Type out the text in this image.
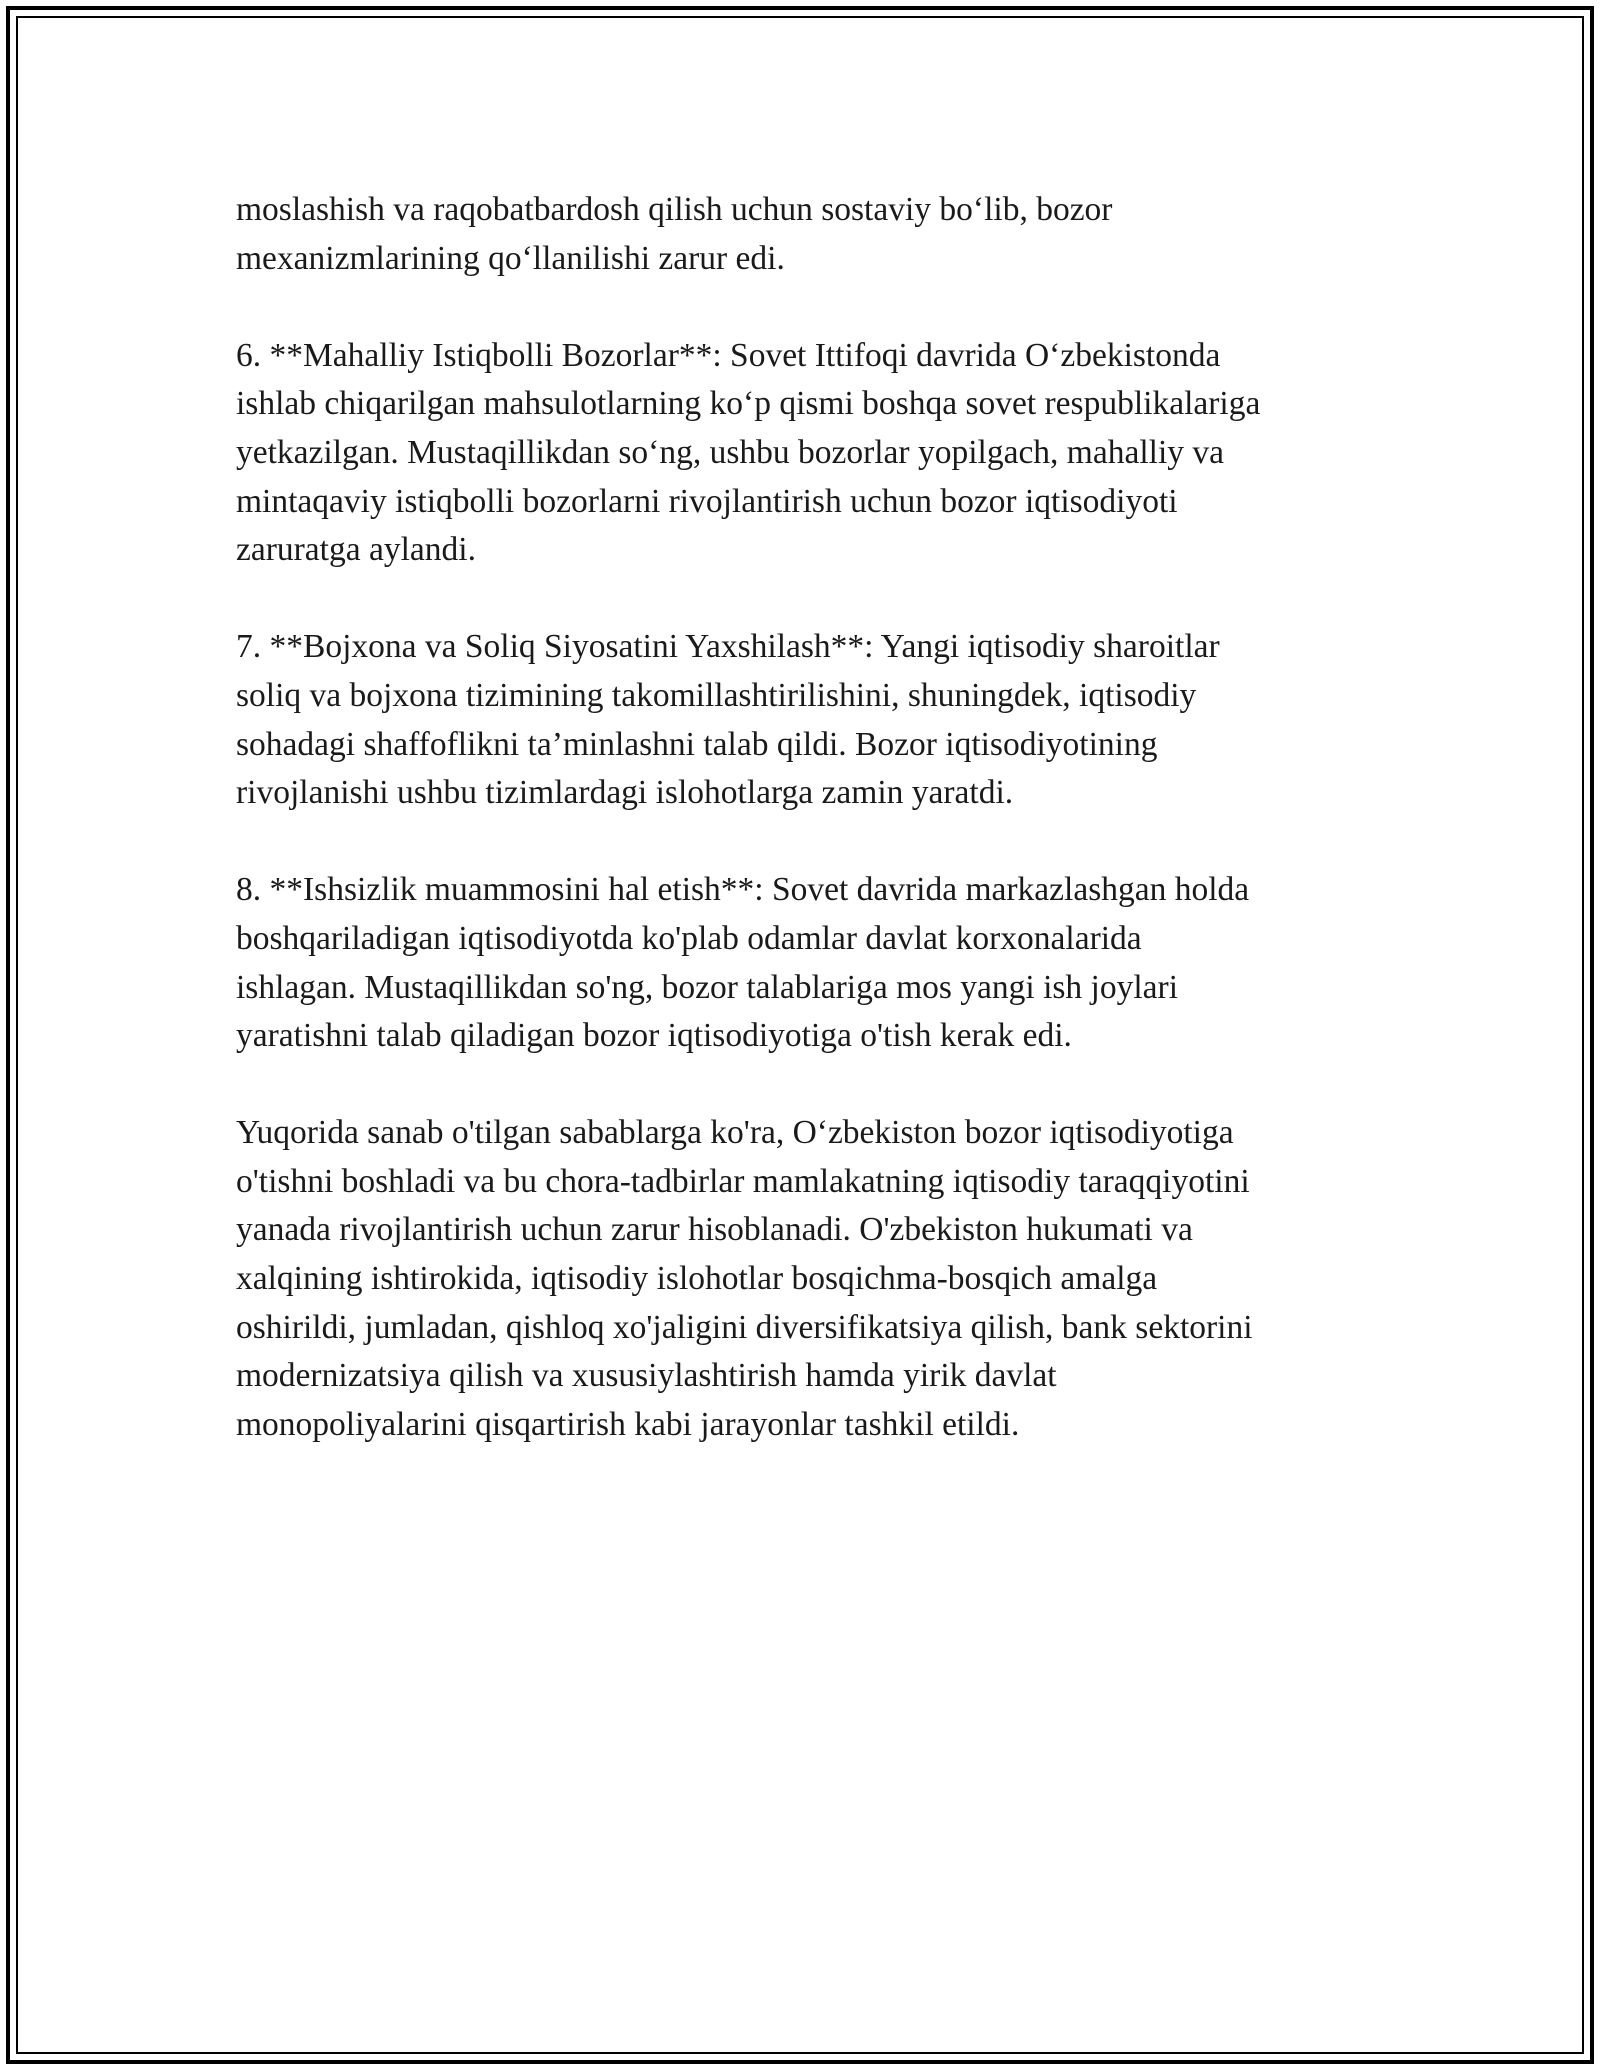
moslashish va raqobatbardosh qilish uchun sostaviy bo‘lib, bozor
mexanizmlarining qo‘llanilishi zarur edi.

6. **Mahalliy Istiqbolli Bozorlar**: Sovet Ittifoqi davrida O‘zbekistonda
ishlab chiqarilgan mahsulotlarning ko‘p qismi boshqa sovet respublikalariga
yetkazilgan. Mustaqillikdan so‘ng, ushbu bozorlar yopilgach, mahalliy va
mintaqaviy istiqbolli bozorlarni rivojlantirish uchun bozor iqtisodiyoti
zaruratga aylandi.

7. **Bojxona va Soliq Siyosatini Yaxshilash**: Yangi iqtisodiy sharoitlar
soliq va bojxona tizimining takomillashtirilishini, shuningdek, iqtisodiy
sohadagi shaffoflikni ta’minlashni talab qildi. Bozor iqtisodiyotining
rivojlanishi ushbu tizimlardagi islohotlarga zamin yaratdi.

8. **Ishsizlik muammosini hal etish**: Sovet davrida markazlashgan holda
boshqariladigan iqtisodiyotda ko'plab odamlar davlat korxonalarida
ishlagan. Mustaqillikdan so'ng, bozor talablariga mos yangi ish joylari
yaratishni talab qiladigan bozor iqtisodiyotiga o'tish kerak edi.

Yuqorida sanab o'tilgan sabablarga ko'ra, O‘zbekiston bozor iqtisodiyotiga
o'tishni boshladi va bu chora-tadbirlar mamlakatning iqtisodiy taraqqiyotini
yanada rivojlantirish uchun zarur hisoblanadi. O'zbekiston hukumati va
xalqining ishtirokida, iqtisodiy islohotlar bosqichma-bosqich amalga
oshirildi, jumladan, qishloq xo'jaligini diversifikatsiya qilish, bank sektorini
modernizatsiya qilish va xususiylashtirish hamda yirik davlat
monopoliyalarini qisqartirish kabi jarayonlar tashkil etildi.
